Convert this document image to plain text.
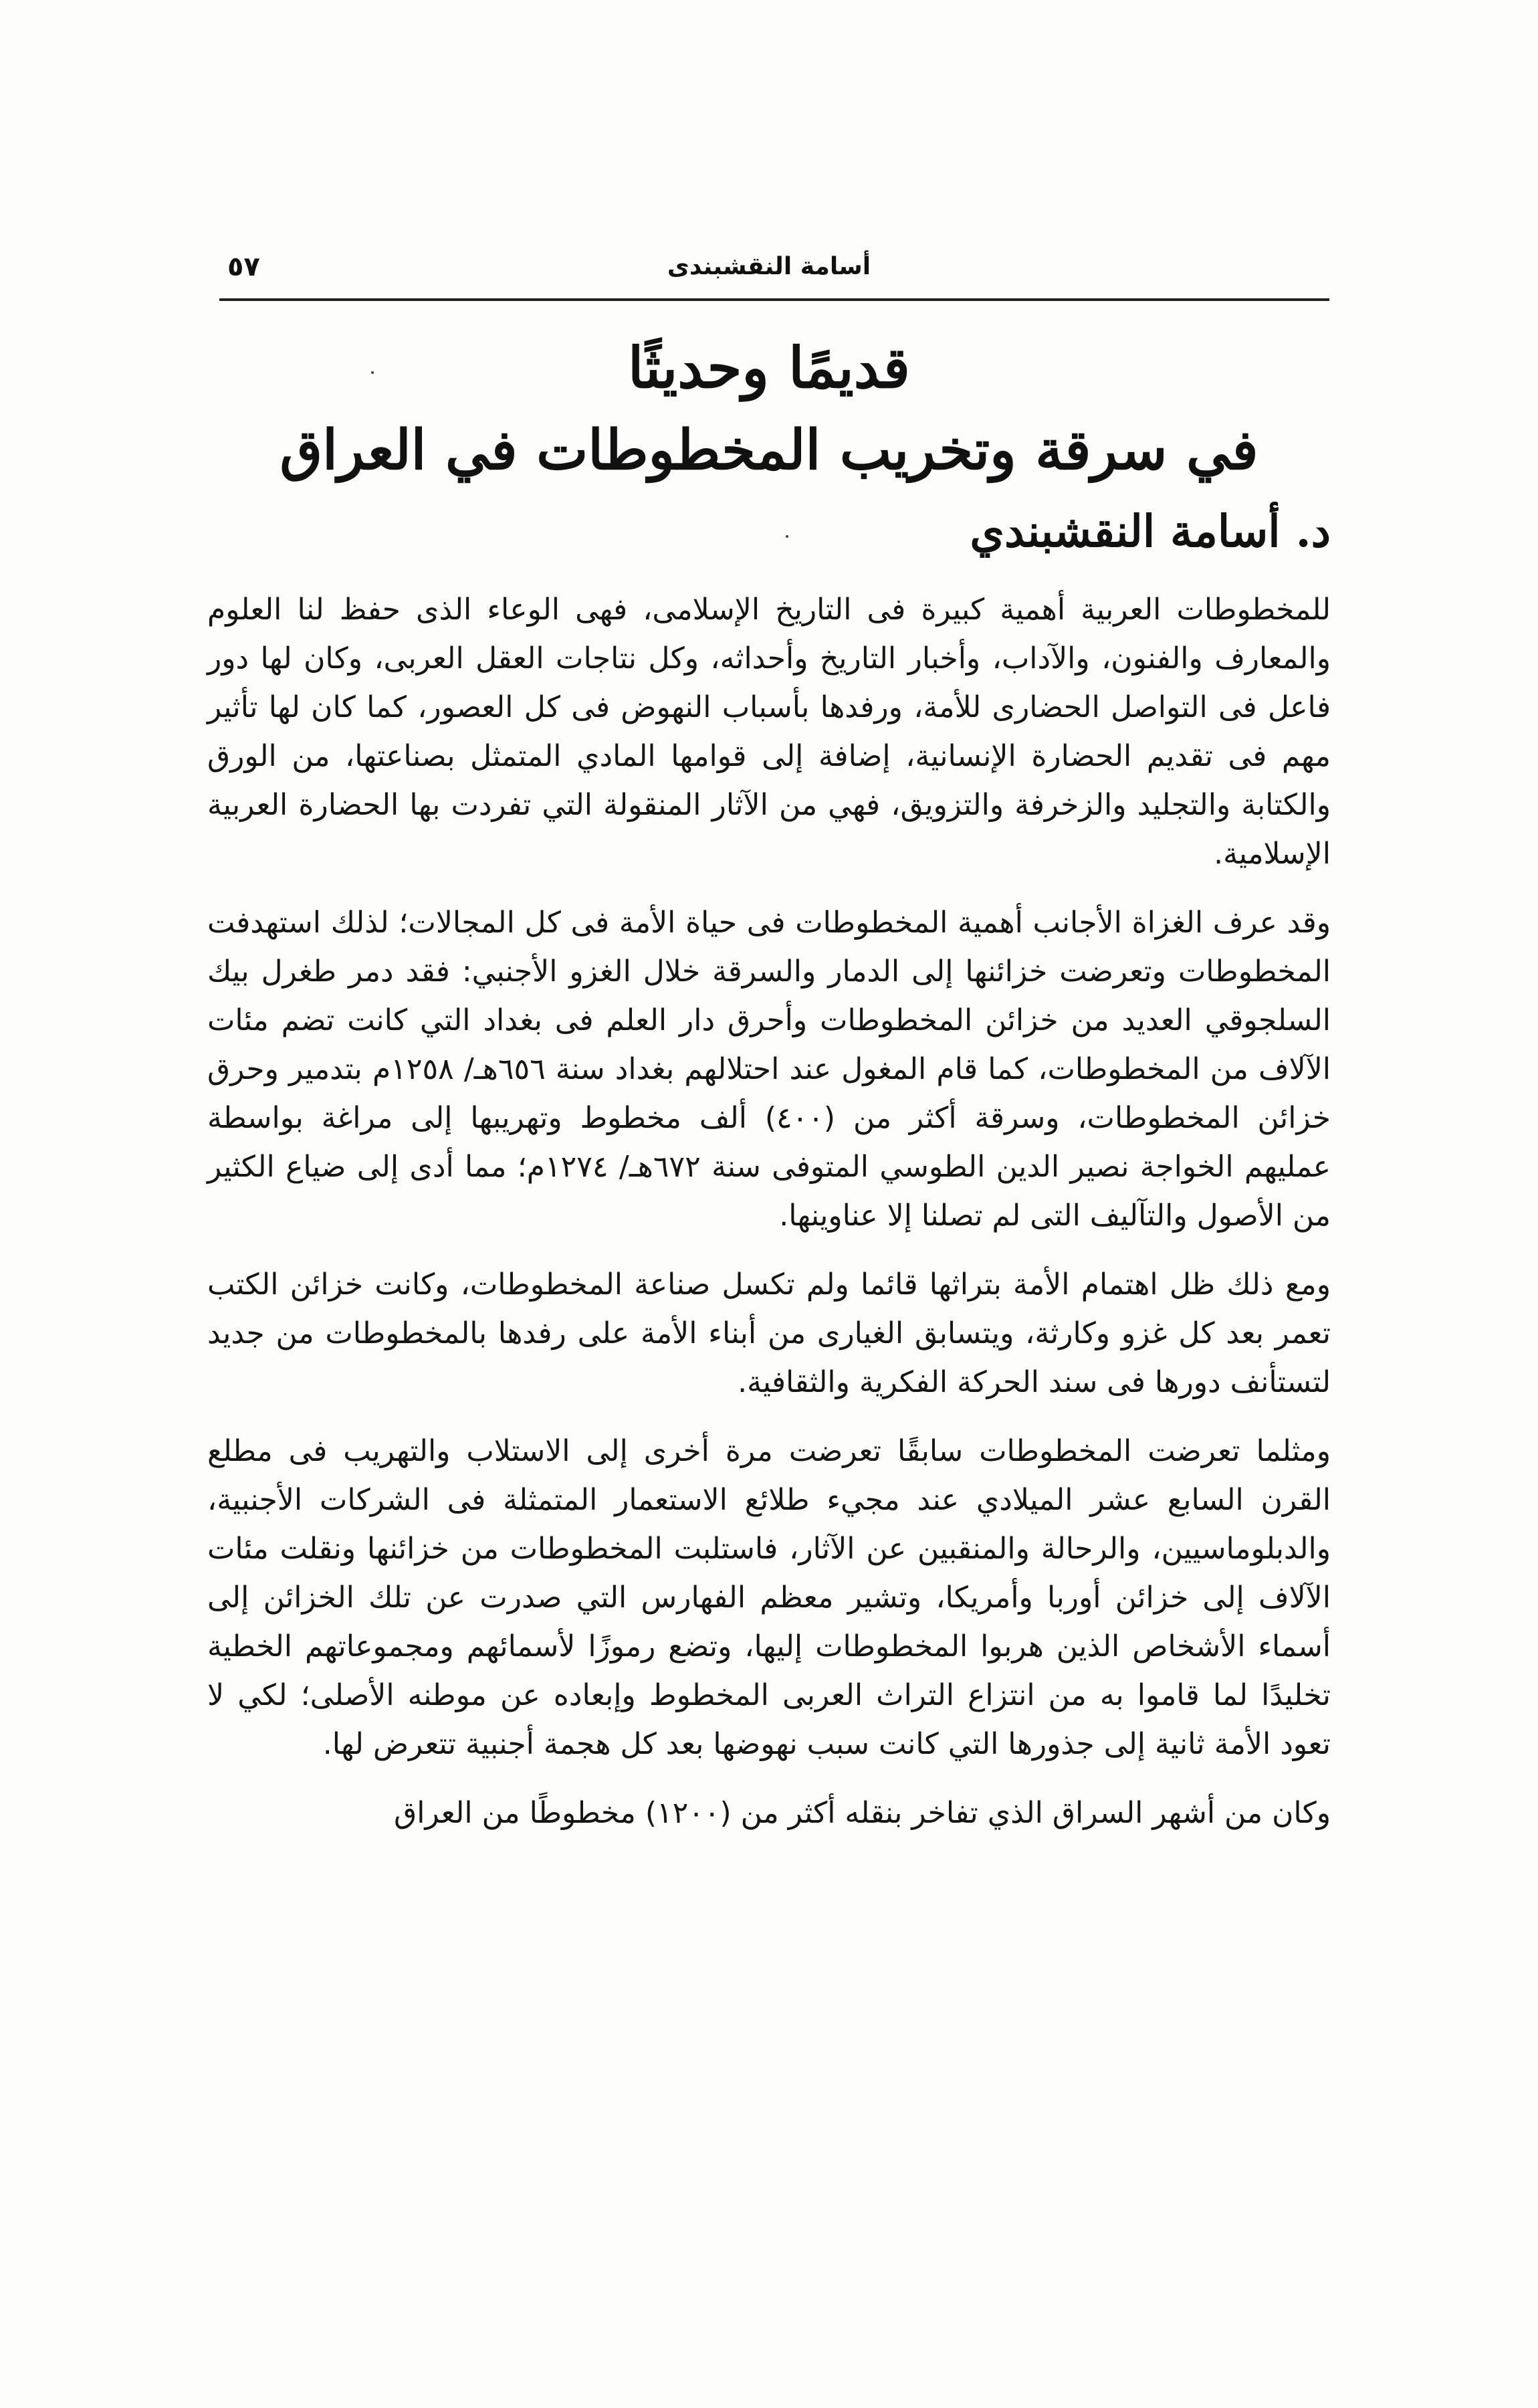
٥٧	أسامة النقشبندى
قديمًا وحديثًا
في سرقة وتخريب المخطوطات في العراق
د. أسامة النقشبندي

للمخطوطات العربية أهمية كبيرة فى التاريخ الإسلامى، فهى الوعاء الذى حفظ لنا العلوم والمعارف والفنون، والآداب، وأخبار التاريخ وأحداثه، وكل نتاجات العقل العربى، وكان لها دور فاعل فى التواصل الحضارى للأمة، ورفدها بأسباب النهوض فى كل العصور، كما كان لها تأثير مهم فى تقديم الحضارة الإنسانية، إضافة إلى قوامها المادي المتمثل بصناعتها، من الورق والكتابة والتجليد والزخرفة والتزويق، فهي من الآثار المنقولة التي تفردت بها الحضارة العربية الإسلامية.

وقد عرف الغزاة الأجانب أهمية المخطوطات فى حياة الأمة فى كل المجالات؛ لذلك استهدفت المخطوطات وتعرضت خزائنها إلى الدمار والسرقة خلال الغزو الأجنبي: فقد دمر طغرل بيك السلجوقي العديد من خزائن المخطوطات وأحرق دار العلم فى بغداد التي كانت تضم مئات الآلاف من المخطوطات، كما قام المغول عند احتلالهم بغداد سنة ٦٥٦هـ/ ١٢٥٨م بتدمير وحرق خزائن المخطوطات، وسرقة أكثر من (٤٠٠) ألف مخطوط وتهريبها إلى مراغة بواسطة عمليهم الخواجة نصير الدين الطوسي المتوفى سنة ٦٧٢هـ/ ١٢٧٤م؛ مما أدى إلى ضياع الكثير من الأصول والتآليف التى لم تصلنا إلا عناوينها.

ومع ذلك ظل اهتمام الأمة بتراثها قائما ولم تكسل صناعة المخطوطات، وكانت خزائن الكتب تعمر بعد كل غزو وكارثة، ويتسابق الغيارى من أبناء الأمة على رفدها بالمخطوطات من جديد لتستأنف دورها فى سند الحركة الفكرية والثقافية.

ومثلما تعرضت المخطوطات سابقًا تعرضت مرة أخرى إلى الاستلاب والتهريب فى مطلع القرن السابع عشر الميلادي عند مجيء طلائع الاستعمار المتمثلة فى الشركات الأجنبية، والدبلوماسيين، والرحالة والمنقبين عن الآثار، فاستلبت المخطوطات من خزائنها ونقلت مئات الآلاف إلى خزائن أوربا وأمريكا، وتشير معظم الفهارس التي صدرت عن تلك الخزائن إلى أسماء الأشخاص الذين هربوا المخطوطات إليها، وتضع رموزًا لأسمائهم ومجموعاتهم الخطية تخليدًا لما قاموا به من انتزاع التراث العربى المخطوط وإبعاده عن موطنه الأصلى؛ لكي لا تعود الأمة ثانية إلى جذورها التي كانت سبب نهوضها بعد كل هجمة أجنبية تتعرض لها.

وكان من أشهر السراق الذي تفاخر بنقله أكثر من (١٢٠٠) مخطوطًا من العراق
